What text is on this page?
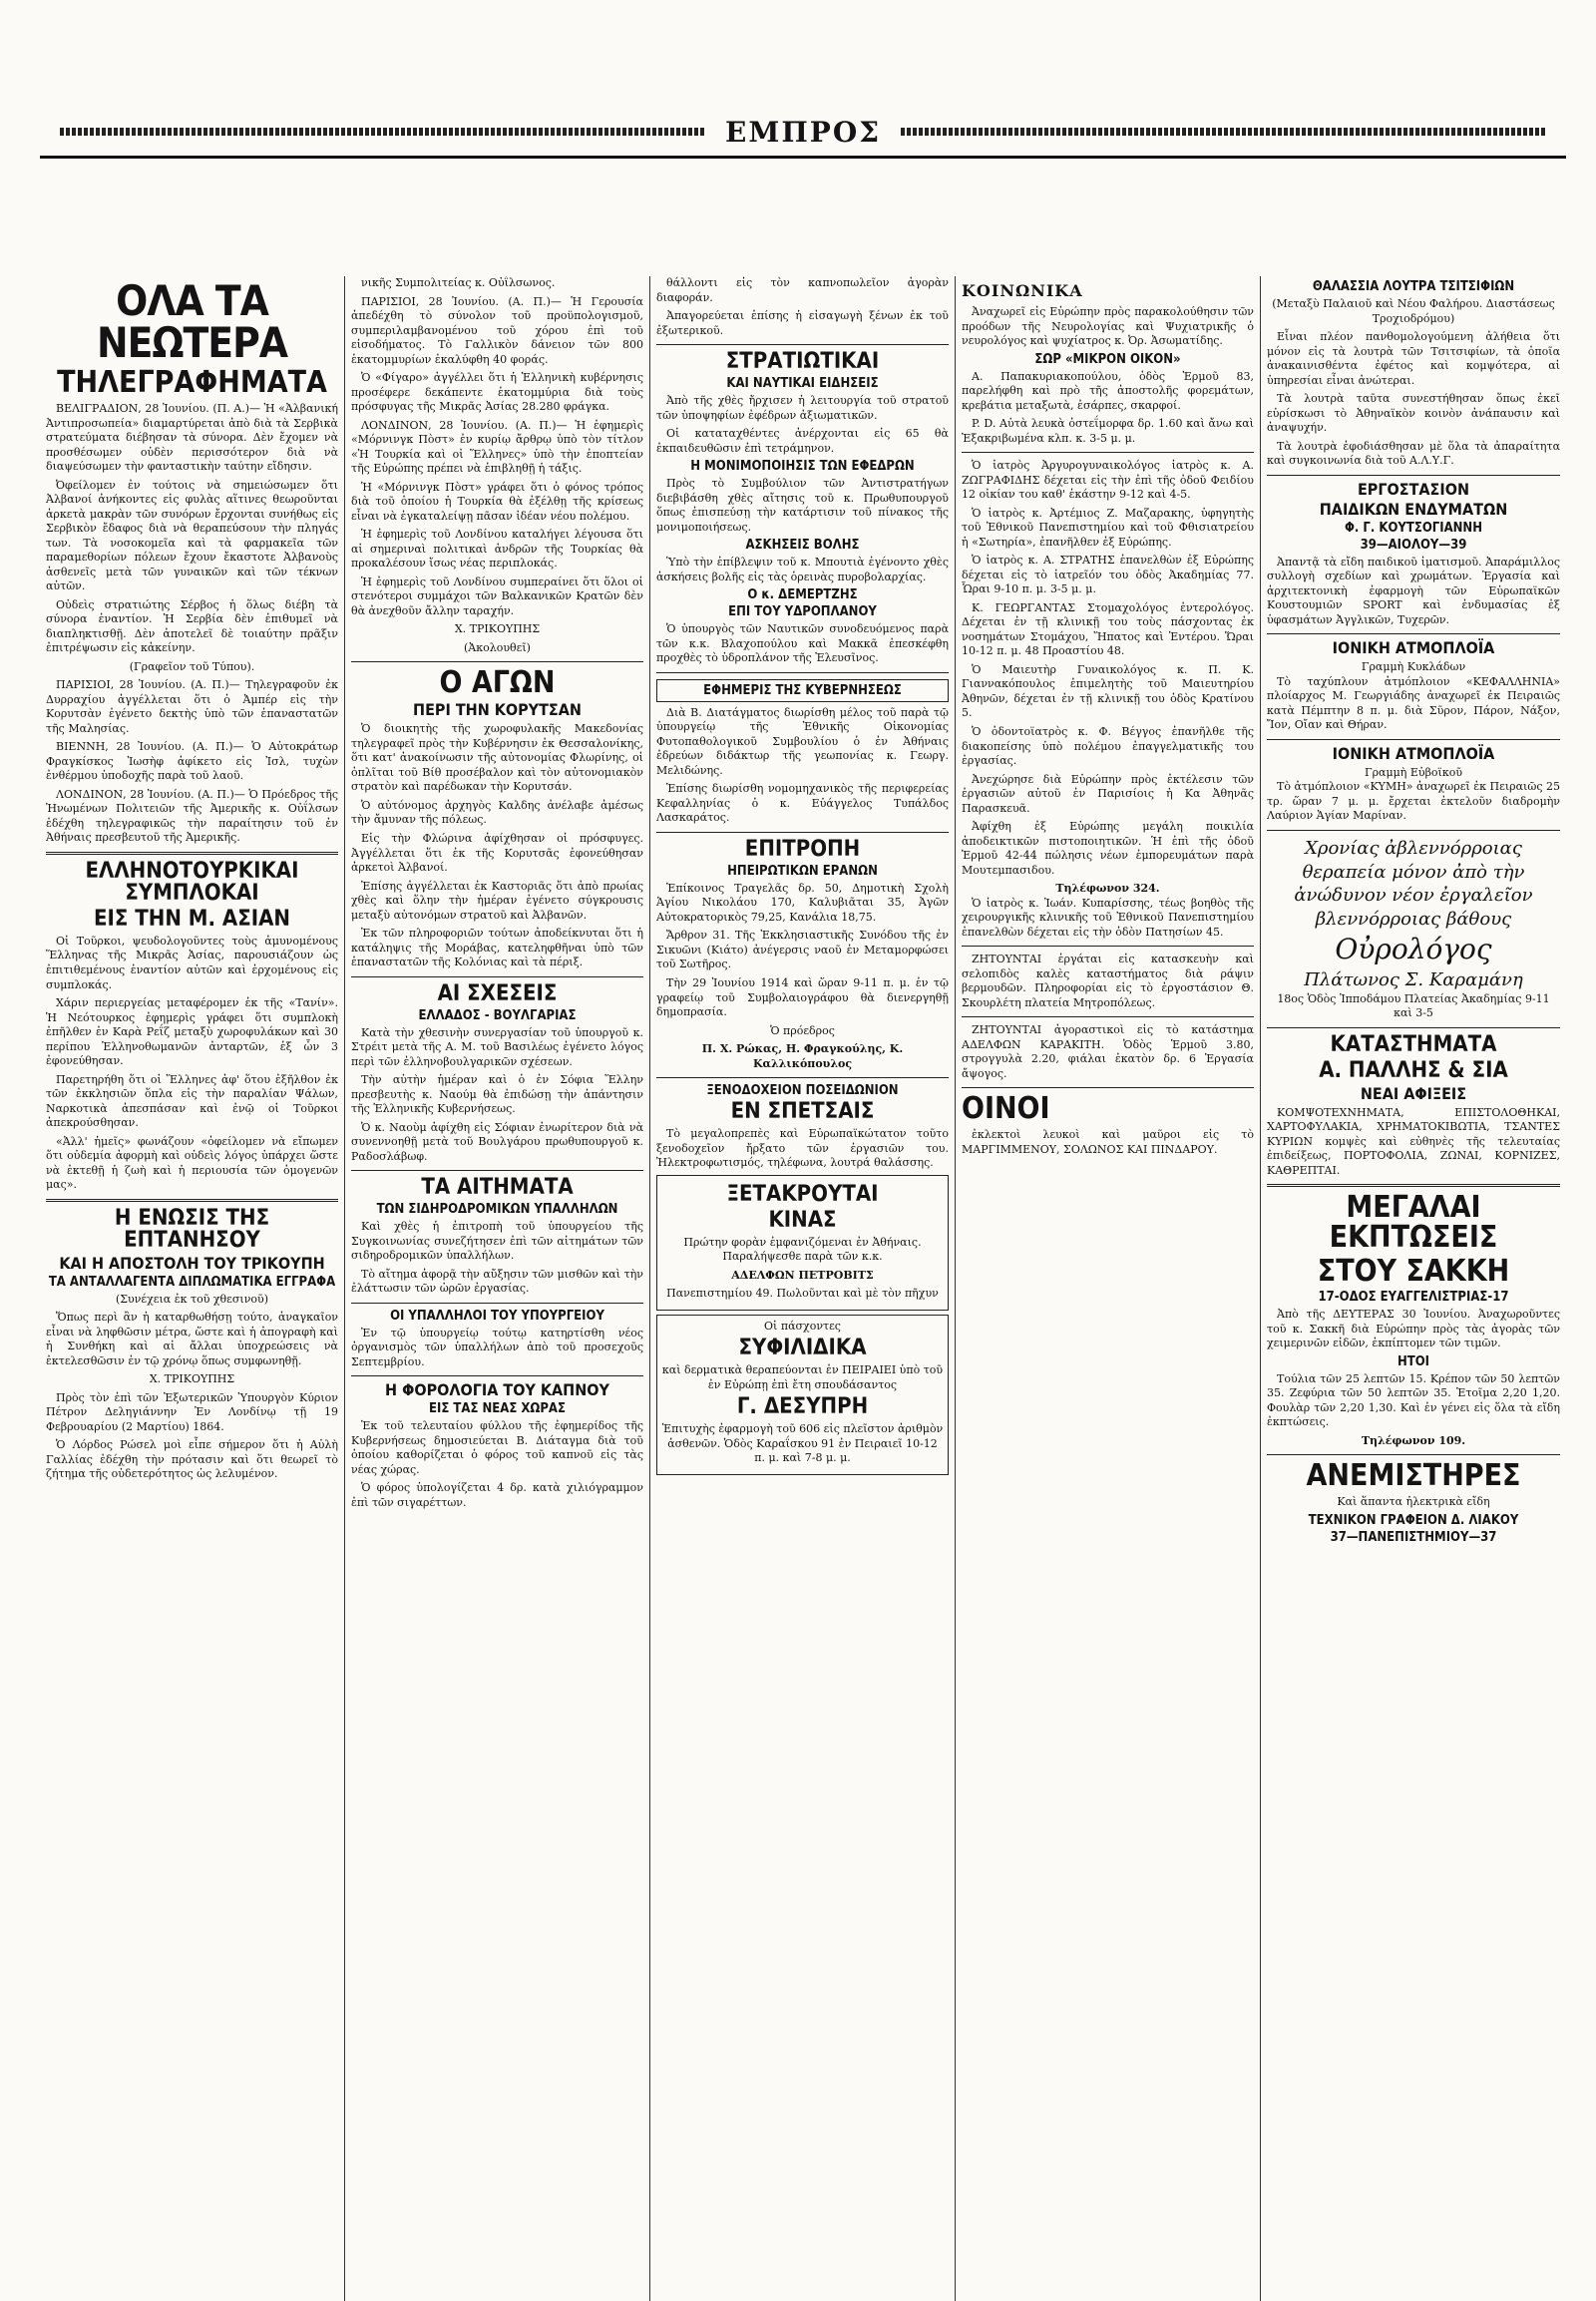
ΕΜΠΡΟΣ
ΟΛΑ ΤΑ ΝΕΩΤΕΡΑ
ΤΗΛΕΓΡΑΦΗΜΑΤΑ

ΒΕΛΙΓΡΑΔΙΟΝ, 28 Ἰουνίου. (Π. Α.)— Ἡ «Ἀλβανική Ἀντιπροσωπεία» διαμαρτύρεται ἀπὸ διὰ τὰ Σερβικὰ στρατεύματα διέβησαν τὰ σύνορα. Δὲν ἔχομεν νὰ προσθέσωμεν οὐδὲν περισσότερον διὰ νὰ διαψεύσωμεν τὴν φανταστικὴν ταύτην εἴδησιν.

Ὀφείλομεν ἐν τούτοις νὰ σημειώσωμεν ὅτι Ἀλβανοί ἀνήκοντες εἰς φυλὰς αἵτινες θεωροῦνται ἀρκετὰ μακρὰν τῶν συνόρων ἔρχονται συνήθως εἰς Σερβικὸν ἔδαφος διὰ νὰ θεραπεύσουν τὴν πληγάς των. Τὰ νοσοκομεῖα καὶ τὰ φαρμακεῖα τῶν παραμεθορίων πόλεων ἔχουν ἔκαστοτε Ἀλβανοὺς ἀσθενεῖς μετὰ τῶν γυναικῶν καὶ τῶν τέκνων αὐτῶν.

Οὐδεὶς στρατιώτης Σέρβος ἡ ὅλως διέβη τὰ σύνορα ἐναντίον. Ἡ Σερβία δὲν ἐπιθυμεῖ νὰ διαπληκτισθῇ. Δὲν ἀποτελεῖ δὲ τοιαύτην πρᾶξιν ἐπιτρέψωσιν εἰς κἀκείνην.

(Γραφεῖον τοῦ Τύπου).

ΠΑΡΙΣΙΟΙ, 28 Ἰουνίου. (Α. Π.)— Τηλεγραφοῦν ἐκ Δυρραχίου ἀγγέλλεται ὅτι ὁ Ἀμπέρ εἰς τὴν Κορυτσὰν ἐγένετο δεκτὴς ὑπὸ τῶν ἐπαναστατῶν τῆς Μαλησίας.

ΒΙΕΝΝΗ, 28 Ἰουνίου. (Α. Π.)— Ὁ Αὐτοκράτωρ Φραγκίσκος Ἰωσὴφ ἀφίκετο εἰς Ἰσλ, τυχὼν ἐνθέρμου ὑποδοχῆς παρὰ τοῦ λαοῦ.

ΛΟΝΔΙΝΟΝ, 28 Ἰουνίου. (Α. Π.)— Ὁ Πρόεδρος τῆς Ἠνωμένων Πολιτειῶν τῆς Ἀμερικῆς κ. Οὐΐλσων ἐδέχθη τηλεγραφικῶς τὴν παραίτησιν τοῦ ἐν Ἀθήναις πρεσβευτοῦ τῆς Ἀμερικῆς.

ΕΛΛΗΝΟΤΟΥΡΚΙΚΑΙ ΣΥΜΠΛΟΚΑΙ
ΕΙΣ ΤΗΝ Μ. ΑΣΙΑΝ

Οἱ Τοῦρκοι, ψευδολογοῦντες τοὺς ἀμυνομένους Ἕλληνας τῆς Μικρᾶς Ἀσίας, παρουσιάζουν ὡς ἐπιτιθεμένους ἐναντίον αὐτῶν καὶ ἐρχομένους εἰς συμπλοκάς.

Χάριν περιεργείας μεταφέρομεν ἐκ τῆς «Τανίν». Ἡ Νεότουρκος ἐφημερὶς γράφει ὅτι συμπλοκὴ ἐπῆλθεν ἐν Καρὰ Ρεΐζ μεταξὺ χωροφυλάκων καὶ 30 περίπου Ἑλληνοθωμανῶν ἀνταρτῶν, ἐξ ὧν 3 ἐφονεύθησαν.

Παρετηρήθη ὅτι οἱ Ἕλληνες ἀφ' ὅτου ἐξῆλθον ἐκ τῶν ἐκκλησιῶν ὅπλα εἰς τὴν παραλίαν Ψάλων, Ναρκοτικὰ ἀπεσπάσαν καὶ ἐνῷ οἱ Τοῦρκοι ἀπεκρούσθησαν.

«Ἀλλ' ἡμεῖς» φωνάζουν «ὀφείλομεν νὰ εἴπωμεν ὅτι οὐδεμία ἀφορμὴ καὶ οὐδεὶς λόγος ὑπάρχει ὥστε νὰ ἐκτεθῇ ἡ ζωὴ καὶ ἡ περιουσία τῶν ὁμογενῶν μας».

Η ΕΝΩΣΙΣ ΤΗΣ ΕΠΤΑΝΗΣΟΥ
ΚΑΙ Η ΑΠΟΣΤΟΛΗ ΤΟΥ ΤΡΙΚΟΥΠΗ
ΤΑ ΑΝΤΑΛΛΑΓΕΝΤΑ ΔΙΠΛΩΜΑΤΙΚΑ ΕΓΓΡΑΦΑ

(Συνέχεια ἐκ τοῦ χθεσινοῦ)

Ὅπως περὶ ἂν ἡ καταρθωθήσῃ τούτο, ἀναγκαῖον εἶναι νὰ ληφθῶσιν μέτρα, ὥστε καὶ ἡ ἀπογραφὴ καὶ ἡ Συνθήκη καὶ αἱ ἄλλαι ὑποχρεώσεις νὰ ἐκτελεσθῶσιν ἐν τῷ χρόνῳ ὅπως συμφωνηθῇ.

Χ. ΤΡΙΚΟΥΠΗΣ

Πρὸς τὸν ἐπὶ τῶν Ἐξωτερικῶν Ὑπουργὸν Κύριον Πέτρον Δεληγιάννην Ἐν Λονδίνῳ τῇ 19 Φεβρουαρίου (2 Μαρτίου) 1864.

Ὁ Λόρδος Ρώσελ μοὶ εἶπε σήμερον ὅτι ἡ Αὐλὴ Γαλλίας ἐδέχθη τὴν πρότασιν καὶ ὅτι θεωρεῖ τὸ ζήτημα τῆς οὐδετερότητος ὡς λελυμένον.

νικῆς Συμπολιτείας κ. Οὐΐλσωνος.

ΠΑΡΙΣΙΟΙ, 28 Ἰουνίου. (Α. Π.)— Ἡ Γερουσία ἀπεδέχθη τὸ σύνολον τοῦ προϋπολογισμοῦ, συμπεριλαμβανομένου τοῦ χόρου ἐπὶ τοῦ εἰσοδήματος. Τὸ Γαλλικὸν δάνειον τῶν 800 ἑκατομμυρίων ἐκαλύφθη 40 φοράς.

Ὁ «Φίγαρο» ἀγγέλλει ὅτι ἡ Ἑλληνικὴ κυβέρνησις προσέφερε δεκάπεντε ἑκατομμύρια διὰ τοὺς πρόσφυγας τῆς Μικρᾶς Ἀσίας 28.280 φράγκα.

ΛΟΝΔΙΝΟΝ, 28 Ἰουνίου. (Α. Π.)— Ἡ ἐφημερὶς «Μόρνινγκ Πὸστ» ἐν κυρίῳ ἄρθρῳ ὑπὸ τὸν τίτλον «Ἡ Τουρκία καὶ οἱ Ἕλληνες» ὑπὸ τὴν ἐποπτείαν τῆς Εὐρώπης πρέπει νὰ ἐπιβληθῇ ἡ τάξις.

Ἡ «Μόρνινγκ Πὸστ» γράφει ὅτι ὁ φόνος τρόπος διὰ τοῦ ὁποίου ἡ Τουρκία θὰ ἐξέλθῃ τῆς κρίσεως εἶναι νὰ ἐγκαταλείψῃ πᾶσαν ἰδέαν νέου πολέμου.

Ἡ ἐφημερὶς τοῦ Λονδίνου καταλήγει λέγουσα ὅτι αἱ σημεριναὶ πολιτικαὶ ἀνδρῶν τῆς Τουρκίας θὰ προκαλέσουν ἴσως νέας περιπλοκάς.

Ἡ ἐφημερὶς τοῦ Λονδίνου συμπεραίνει ὅτι ὅλοι οἱ στενότεροι συμμάχοι τῶν Βαλκανικῶν Κρατῶν δὲν θὰ ἀνεχθοῦν ἄλλην ταραχήν.

Χ. ΤΡΙΚΟΥΠΗΣ
(Ἀκολουθεῖ)
Ο ΑΓΩΝ
ΠΕΡΙ ΤΗΝ ΚΟΡΥΤΣΑΝ

Ὁ διοικητὴς τῆς χωροφυλακῆς Μακεδονίας τηλεγραφεῖ πρὸς τὴν Κυβέρνησιν ἐκ Θεσσαλονίκης, ὅτι κατ' ἀνακοίνωσιν τῆς αὐτονομίας Φλωρίνης, οἱ ὁπλῖται τοῦ Βίθ προσέβαλον καὶ τὸν αὐτονομιακὸν στρατὸν καὶ παρέδωκαν τὴν Κορυτσάν.

Ὁ αὐτόνομος ἀρχηγὸς Καλδης ἀνέλαβε ἀμέσως τὴν ἄμυναν τῆς πόλεως.

Εἰς τὴν Φλώρινα ἀφίχθησαν οἱ πρόσφυγες. Ἀγγέλλεται ὅτι ἐκ τῆς Κορυτσᾶς ἐφονεύθησαν ἀρκετοὶ Ἀλβανοί.

Ἐπίσης ἀγγέλλεται ἐκ Καστοριᾶς ὅτι ἀπὸ πρωίας χθὲς καὶ ὅλην τὴν ἡμέραν ἐγένετο σύγκρουσις μεταξὺ αὐτονόμων στρατοῦ καὶ Ἀλβανῶν.

Ἐκ τῶν πληροφοριῶν τούτων ἀποδείκνυται ὅτι ἡ κατάληψις τῆς Μοράβας, κατεληφθῆναι ὑπὸ τῶν ἐπαναστατῶν τῆς Κολόνιας καὶ τὰ πέριξ.

ΑΙ ΣΧΕΣΕΙΣ
ΕΛΛΑΔΟΣ - ΒΟΥΛΓΑΡΙΑΣ

Κατὰ τὴν χθεσινὴν συνεργασίαν τοῦ ὑπουργοῦ κ. Στρέιτ μετὰ τῆς Α. Μ. τοῦ Βασιλέως ἐγένετο λόγος περὶ τῶν ἐλληνοβουλγαρικῶν σχέσεων.

Τὴν αὐτὴν ἡμέραν καὶ ὁ ἐν Σόφια Ἕλλην πρεσβευτὴς κ. Ναούμ θὰ ἐπιδώσῃ τὴν ἀπάντησιν τῆς Ἑλληνικῆς Κυβερνήσεως.

Ὁ κ. Ναοὺμ ἀφίχθη εἰς Σόφιαν ἐνωρίτερον διὰ νὰ συνεννοηθῇ μετὰ τοῦ Βουλγάρου πρωθυπουργοῦ κ. Ραδοσλάβωφ.

ΤΑ ΑΙΤΗΜΑΤΑ
ΤΩΝ ΣΙΔΗΡΟΔΡΟΜΙΚΩΝ ΥΠΑΛΛΗΛΩΝ

Καὶ χθὲς ἡ ἐπιτροπὴ τοῦ ὑπουργείου τῆς Συγκοινωνίας συνεζήτησεν ἐπὶ τῶν αἰτημάτων τῶν σιδηροδρομικῶν ὑπαλλήλων.

Τὸ αἴτημα ἀφορᾷ τὴν αὔξησιν τῶν μισθῶν καὶ τὴν ἐλάττωσιν τῶν ὡρῶν ἐργασίας.

ΟΙ ΥΠΑΛΛΗΛΟΙ ΤΟΥ ΥΠΟΥΡΓΕΙΟΥ

Ἐν τῷ ὑπουργείῳ τούτῳ κατηρτίσθη νέος ὀργανισμὸς τῶν ὑπαλλήλων ἀπὸ τοῦ προσεχοῦς Σεπτεμβρίου.

Η ΦΟΡΟΛΟΓΙΑ ΤΟΥ ΚΑΠΝΟΥ
ΕΙΣ ΤΑΣ ΝΕΑΣ ΧΩΡΑΣ

Ἐκ τοῦ τελευταίου φύλλου τῆς ἐφημερίδος τῆς Κυβερνήσεως δημοσιεύεται Β. Διάταγμα διὰ τοῦ ὁποίου καθορίζεται ὁ φόρος τοῦ καπνοῦ εἰς τὰς νέας χώρας.

Ὁ φόρος ὑπολογίζεται 4 δρ. κατὰ χιλιόγραμμον ἐπὶ τῶν σιγαρέττων.

θάλλοντι εἰς τὸν καπνοπωλεῖον ἀγορὰν διαφοράν.

Ἀπαγορεύεται ἐπίσης ἡ εἰσαγωγὴ ξένων ἐκ τοῦ ἐξωτερικοῦ.

ΣΤΡΑΤΙΩΤΙΚΑΙ
ΚΑΙ ΝΑΥΤΙΚΑΙ ΕΙΔΗΣΕΙΣ

Ἀπὸ τῆς χθὲς ἤρχισεν ἡ λειτουργία τοῦ στρατοῦ τῶν ὑποψηφίων ἐφέδρων ἀξιωματικῶν.

Οἱ καταταχθέντες ἀνέρχονται εἰς 65 θὰ ἐκπαιδευθῶσιν ἐπὶ τετράμηνον.

Η ΜΟΝΙΜΟΠΟΙΗΣΙΣ ΤΩΝ ΕΦΕΔΡΩΝ

Πρὸς τὸ Συμβούλιον τῶν Ἀντιστρατήγων διεβιβάσθη χθὲς αἴτησις τοῦ κ. Πρωθυπουργοῦ ὅπως ἐπισπεύσῃ τὴν κατάρτισιν τοῦ πίνακος τῆς μονιμοποιήσεως.

ΑΣΚΗΣΕΙΣ ΒΟΛΗΣ

Ὑπὸ τὴν ἐπίβλεψιν τοῦ κ. Μπουτιὰ ἐγένοντο χθὲς ἀσκήσεις βολῆς εἰς τὰς ὁρεινὰς πυροβολαρχίας.

Ο κ. ΔΕΜΕΡΤΖΗΣ
ΕΠΙ ΤΟΥ ΥΔΡΟΠΛΑΝΟΥ

Ὁ ὑπουργὸς τῶν Ναυτικῶν συνοδευόμενος παρὰ τῶν κ.κ. Βλαχοπούλου καὶ Μακκᾶ ἐπεσκέφθη προχθὲς τὸ ὑδροπλάνον τῆς Ἐλευσῖνος.

ΕΦΗΜΕΡΙΣ ΤΗΣ ΚΥΒΕΡΝΗΣΕΩΣ

Διὰ Β. Διατάγματος διωρίσθη μέλος τοῦ παρὰ τῷ ὑπουργείῳ τῆς Ἐθνικῆς Οἰκονομίας Φυτοπαθολογικοῦ Συμβουλίου ὁ ἐν Ἀθήναις ἐδρεύων διδάκτωρ τῆς γεωπονίας κ. Γεωργ. Μελιδώνης.

Ἐπίσης διωρίσθη νομομηχανικὸς τῆς περιφερείας Κεφαλληνίας ὁ κ. Εὐάγγελος Τυπάλδος Λασκαράτος.

ΕΠΙΤΡΟΠΗ
ΗΠΕΙΡΩΤΙΚΩΝ ΕΡΑΝΩΝ

Ἐπίκοινος Τραγελᾶς δρ. 50, Δημοτικὴ Σχολὴ Ἁγίου Νικολάου 170, Καλυβιᾶται 35, Ἀγῶν Αὐτοκρατορικὸς 79,25, Κανάλια 18,75.

Ἄρθρον 31. Τῆς Ἐκκλησιαστικῆς Συνόδου τῆς ἐν Σικυῶνι (Κιάτο) ἀνέγερσις ναοῦ ἐν Μεταμορφώσει τοῦ Σωτῆρος.

Τὴν 29 Ἰουνίου 1914 καὶ ὥραν 9-11 π. μ. ἐν τῷ γραφείῳ τοῦ Συμβολαιογράφου θὰ διενεργηθῇ δημοπρασία.

Ὁ πρόεδρος
Π. Χ. Ρώκας, Η. Φραγκούλης, Κ. Καλλικόπουλος
ΞΕΝΟΔΟΧΕΙΟΝ ΠΟΣΕΙΔΩΝΙΟΝ
ΕΝ ΣΠΕΤΣΑΙΣ

Τὸ μεγαλοπρεπὲς καὶ Εὐρωπαϊκώτατον τοῦτο ξενοδοχεῖον ἤρξατο τῶν ἐργασιῶν του. Ἠλεκτροφωτισμός, τηλέφωνα, λουτρά θαλάσσης.

ΞΕΤΑΚΡΟΥΤΑΙ
ΚΙΝΑΣ

Πρώτην φορὰν ἐμφανιζόμεναι ἐν Ἀθήναις. Παραλήψεσθε παρὰ τῶν κ.κ.

ΑΔΕΛΦΩΝ ΠΕΤΡΟΒΙΤΣ

Πανεπιστημίου 49. Πωλοῦνται καὶ μὲ τὸν πῆχυν

Οἱ πάσχοντες
ΣΥΦΙΛΙΔΙΚΑ

καὶ δερματικὰ θεραπεύονται ἐν ΠΕΙΡΑΙΕΙ ὑπὸ τοῦ ἐν Εὐρώπῃ ἐπὶ ἔτη σπουδάσαντος

Γ. ΔΕΣΥΠΡΗ

Ἐπιτυχὴς ἐφαρμογὴ τοῦ 606 εἰς πλεῖστον ἀριθμὸν ἀσθενῶν. Ὁδὸς Καραΐσκου 91 ἐν Πειραιεῖ 10-12 π. μ. καὶ 7-8 μ. μ.

ΚΟΙΝΩΝΙΚΑ

Ἀναχωρεῖ εἰς Εὐρώπην πρὸς παρακολούθησιν τῶν προόδων τῆς Νευρολογίας καὶ Ψυχιατρικῆς ὁ νευρολόγος καὶ ψυχίατρος κ. Ὀρ. Ἀσωματίδης.

ΣΩΡ «ΜΙΚΡΟΝ ΟΙΚΟΝ»

Α. Παπακυριακοπούλου, ὁδὸς Ἑρμοῦ 83, παρελήφθη καὶ πρὸ τῆς ἀποστολῆς φορεμάτων, κρεβάτια μεταξωτὰ, ἐσάρπες, σκαρφοί.

P. D. Αὐτὰ λευκὰ ὀστεΐμορφα δρ. 1.60 καὶ ἄνω καὶ Ἐξακριβωμένα κλπ. κ. 3-5 μ. μ.

Ὁ ἰατρὸς Ἀργυρογυναικολόγος ἰατρὸς κ. Α. ΖΩΓΡΑΦΙΔΗΣ δέχεται εἰς τὴν ἐπὶ τῆς ὁδοῦ Φειδίου 12 οἰκίαν του καθ' ἑκάστην 9-12 καὶ 4-5.

Ὁ ἰατρὸς κ. Ἀρτέμιος Ζ. Μαζαρακης, ὑφηγητὴς τοῦ Ἐθνικοῦ Πανεπιστημίου καὶ τοῦ Φθισιατρείου ἡ «Σωτηρία», ἐπανῆλθεν ἐξ Εὐρώπης.

Ὁ ἰατρὸς κ. Α. ΣΤΡΑΤΗΣ ἐπανελθὼν ἐξ Εὐρώπης δέχεται εἰς τὸ ἰατρεῖόν του ὁδὸς Ἀκαδημίας 77. Ὧραι 9-10 π. μ. 3-5 μ. μ.

Κ. ΓΕΩΡΓΑΝΤΑΣ Στομαχολόγος ἐντερολόγος. Δέχεται ἐν τῇ κλινικῇ του τοὺς πάσχοντας ἐκ νοσημάτων Στομάχου, Ἥπατος καὶ Ἐντέρου. Ὥραι 10-12 π. μ. 48 Προαστίου 48.

Ὁ Μαιευτὴρ Γυναικολόγος κ. Π. Κ. Γιαννακόπουλος ἐπιμελητὴς τοῦ Μαιευτηρίου Ἀθηνῶν, δέχεται ἐν τῇ κλινικῇ του ὁδὸς Κρατίνου 5.

Ὁ ὀδοντοϊατρὸς κ. Φ. Βέγγος ἐπανῆλθε τῆς διακοπείσης ὑπὸ πολέμου ἐπαγγελματικῆς του ἐργασίας.

Ἀνεχώρησε διὰ Εὐρώπην πρὸς ἐκτέλεσιν τῶν ἐργασιῶν αὐτοῦ ἐν Παρισίοις ἡ Κα Ἀθηνᾶς Παρασκευᾶ.

Ἀφίχθη ἐξ Εὐρώπης μεγάλη ποικιλία ἀποδεικτικῶν πιστοποιητικῶν. Ἡ ἐπὶ τῆς ὁδοῦ Ἑρμοῦ 42-44 πώλησις νέων ἐμπορευμάτων παρὰ Μουτεμπασιδου.

Τηλέφωνον 324.

Ὁ ἰατρὸς κ. Ἰωάν. Κυπαρίσσης, τέως βοηθὸς τῆς χειρουργικῆς κλινικῆς τοῦ Ἐθνικοῦ Πανεπιστημίου ἐπανελθὼν δέχεται εἰς τὴν ὁδὸν Πατησίων 45.

ΖΗΤΟΥΝΤΑΙ ἐργάται εἰς κατασκευὴν καὶ σελοπιδὸς καλὲς καταστήματος διὰ ράψιν βερμουδῶν. Πληροφορίαι εἰς τὸ ἐργοστάσιον Θ. Σκουρλέτη πλατεία Μητροπόλεως.

ΖΗΤΟΥΝΤΑΙ ἀγοραστικοὶ εἰς τὸ κατάστημα ΑΔΕΛΦΩΝ ΚΑΡΑΚΙΤΗ. Ὁδὸς Ἑρμοῦ 3.80, στρογγυλὰ 2.20, φιάλαι ἐκατὸν δρ. 6 Ἐργασία ἄψογος.

ΟΙΝΟΙ

ἐκλεκτοὶ λευκοὶ καὶ μαῦροι εἰς τὸ ΜΑΡΓΙΜΜΕΝΟΥ, ΣΟΛΩΝΟΣ ΚΑΙ ΠΙΝΔΑΡΟΥ.

ΘΑΛΑΣΣΙΑ ΛΟΥΤΡΑ ΤΣΙΤΣΙΦΙΩΝ

(Μεταξὺ Παλαιοῦ καὶ Νέου Φαλήρου. Διαστάσεως Τροχιοδρόμου)

Εἶναι πλέον πανθομολογούμενη ἀλήθεια ὅτι μόνον εἰς τὰ λουτρὰ τῶν Τσιτσιφίων, τὰ ὁποῖα ἀνακαινισθέντα ἐφέτος καὶ κομψότερα, αἱ ὑπηρεσίαι εἶναι ἀνώτεραι.

Τὰ λουτρὰ ταῦτα συνεστήθησαν ὅπως ἐκεῖ εὑρίσκωσι τὸ Ἀθηναϊκὸν κοινὸν ἀνάπαυσιν καὶ ἀναψυχήν.

Τὰ λουτρὰ ἐφοδιάσθησαν μὲ ὅλα τὰ ἀπαραίτητα καὶ συγκοινωνία διὰ τοῦ Α.Λ.Υ.Γ.

ΕΡΓΟΣΤΑΣΙΟΝ
ΠΑΙΔΙΚΩΝ ΕΝΔΥΜΑΤΩΝ
Φ. Γ. ΚΟΥΤΣΟΓΙΑΝΝΗ
39—ΑΙΟΛΟΥ—39

Ἀπαντᾷ τὰ εἴδη παιδικοῦ ἱματισμοῦ. Ἀπαράμιλλος συλλογὴ σχεδίων καὶ χρωμάτων. Ἐργασία καὶ ἀρχιτεκτονικὴ ἐφαρμογὴ τῶν Εὐρωπαϊκῶν Κουστουμιῶν SPORT καὶ ἐνδυμασίας ἐξ ὑφασμάτων Ἀγγλικῶν, Τυχερῶν.

ΙΟΝΙΚΗ ΑΤΜΟΠΛΟΪΑ
Γραμμὴ Κυκλάδων

Τὸ ταχύπλουν ἀτμόπλοιον «ΚΕΦΑΛΛΗΝΙΑ» πλοίαρχος Μ. Γεωργιάδης ἀναχωρεῖ ἐκ Πειραιῶς κατὰ Πέμπτην 8 π. μ. διὰ Σῦρον, Πάρον, Νάξον, Ἴον, Οἴαν καὶ Θήραν.

ΙΟΝΙΚΗ ΑΤΜΟΠΛΟΪΑ
Γραμμὴ Εὐβοϊκοῦ

Τὸ ἀτμόπλοιον «ΚΥΜΗ» ἀναχωρεῖ ἐκ Πειραιῶς 25 τρ. ὥραν 7 μ. μ. ἔρχεται ἐκτελοῦν διαδρομὴν Λαύριον Ἁγίαν Μαρίναν.

Χρονίας ἀβλεννόρροιας θεραπεία μόνον ἀπὸ τὴν ἀνώδυνον νέον ἐργαλεῖον βλεννόρροιας βάθους
Οὐρολόγος
Πλάτωνος Σ. Καραμάνη

18ος Ὁδὸς Ἰπποδάμου Πλατείας Ἀκαδημίας 9-11 καὶ 3-5

ΚΑΤΑΣΤΗΜΑΤΑ
Α. ΠΑΛΛΗΣ & ΣΙΑ
ΝΕΑΙ ΑΦΙΞΕΙΣ

ΚΟΜΨΟΤΕΧΝΗΜΑΤΑ, ΕΠΙΣΤΟΛΟΘΗΚΑΙ, ΧΑΡΤΟΦΥΛΑΚΙΑ, ΧΡΗΜΑΤΟΚΙΒΩΤΙΑ, ΤΣΑΝΤΕΣ ΚΥΡΙΩΝ κομψὲς καὶ εὐθηνὲς τῆς τελευταίας ἐπιδείξεως, ΠΟΡΤΟΦΟΛΙΑ, ΖΩΝΑΙ, ΚΟΡΝΙΖΕΣ, ΚΑΘΡΕΠΤΑΙ.

ΜΕΓΑΛΑΙ ΕΚΠΤΩΣΕΙΣ
ΣΤΟΥ ΣΑΚΚΗ
17-ΟΔΟΣ ΕΥΑΓΓΕΛΙΣΤΡΙΑΣ-17

Ἀπὸ τῆς ΔΕΥΤΕΡΑΣ 30 Ἰουνίου. Ἀναχωροῦντες τοῦ κ. Σακκῆ διὰ Εὐρώπην πρὸς τὰς ἀγορὰς τῶν χειμερινῶν εἰδῶν, ἐκπίπτομεν τῶν τιμῶν.

ΗΤΟΙ

Τούλια τῶν 25 λεπτῶν 15. Κρέπον τῶν 50 λεπτῶν 35. Ζεφύρια τῶν 50 λεπτῶν 35. Ἑτοῖμα 2,20 1,20. Φουλὰρ τῶν 2,20 1,30. Καὶ ἐν γένει εἰς ὅλα τὰ εἴδη ἐκπτώσεις.

Τηλέφωνον 109.
ΑΝΕΜΙΣΤΗΡΕΣ
Καὶ ἅπαντα ἠλεκτρικὰ εἴδη
ΤΕΧΝΙΚΟΝ ΓΡΑΦΕΙΟΝ Δ. ΛΙΑΚΟΥ
37—ΠΑΝΕΠΙΣΤΗΜΙΟΥ—37
